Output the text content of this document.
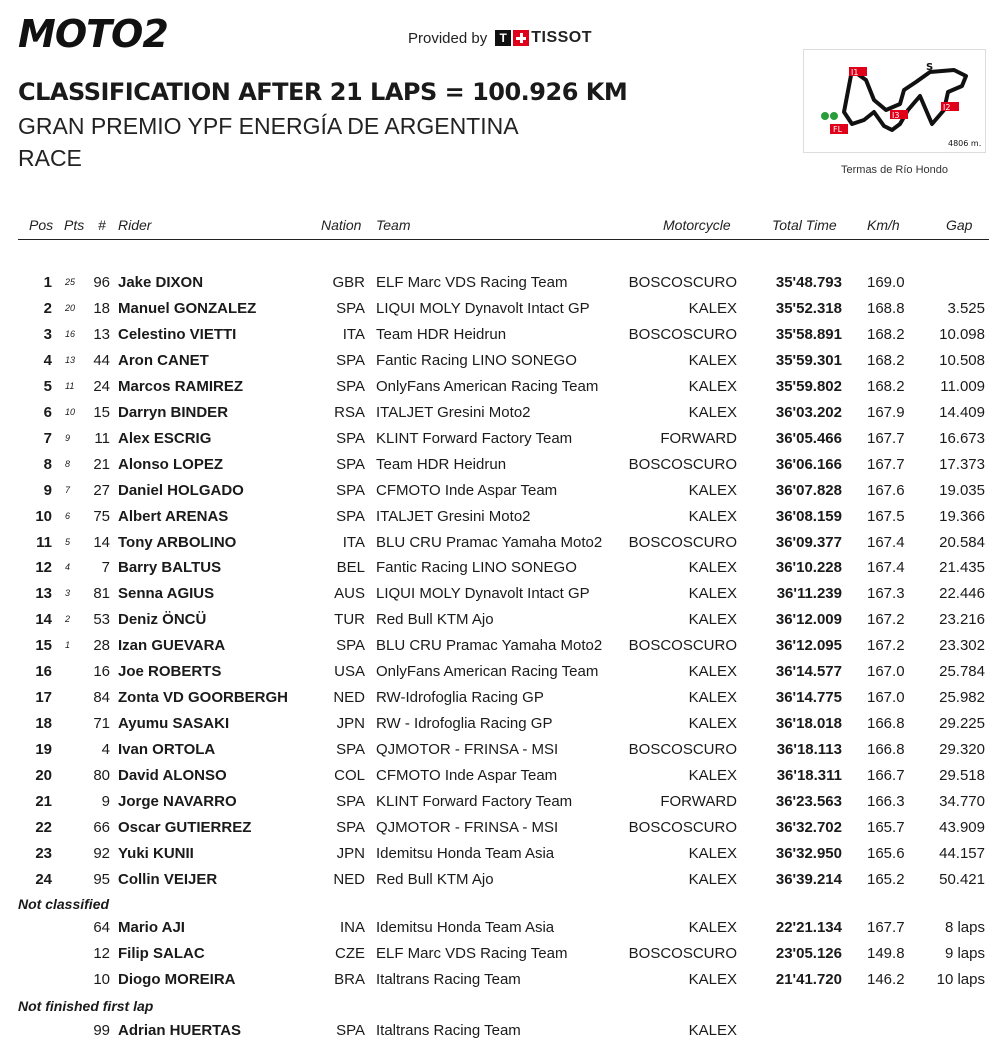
MOTO2	Provided by	T TISSOT
CLASSIFICATION AFTER 21 LAPS = 100.926 KM
GRAN PREMIO YPF ENERGÍA DE ARGENTINA
RACE
I1	S
I2
I3
FL
4806 m.
Termas de Río Hondo
Pos Pts # Rider	Nation Team	Motorcycle	Total Time Km/h	Gap
1 25 96 Jake DIXON	GBR ELF Marc VDS Racing Team	BOSCOSCURO	35'48.793 169.0
2 20 18 Manuel GONZALEZ	SPA LIQUI MOLY Dynavolt Intact GP	KALEX	35'52.318 168.8	3.525
3 16 13 Celestino VIETTI	ITA Team HDR Heidrun	BOSCOSCURO	35'58.891 168.2 10.098
4 13 44 Aron CANET	SPA Fantic Racing LINO SONEGO	KALEX	35'59.301 168.2 10.508
5 11 24 Marcos RAMIREZ	SPA OnlyFans American Racing Team	KALEX	35'59.802 168.2 11.009
6 10 15 Darryn BINDER	RSA ITALJET Gresini Moto2	KALEX	36'03.202 167.9 14.409
7 9 11 Alex ESCRIG	SPA KLINT Forward Factory Team	FORWARD	36'05.466 167.7 16.673
8 8 21 Alonso LOPEZ	SPA Team HDR Heidrun	BOSCOSCURO	36'06.166 167.7 17.373
9 7 27 Daniel HOLGADO	SPA CFMOTO Inde Aspar Team	KALEX	36'07.828 167.6 19.035
10 6 75 Albert ARENAS	SPA ITALJET Gresini Moto2	KALEX	36'08.159 167.5 19.366
11 5 14 Tony ARBOLINO	ITA BLU CRU Pramac Yamaha Moto2 BOSCOSCURO	36'09.377 167.4 20.584
12 4 7 Barry BALTUS	BEL Fantic Racing LINO SONEGO	KALEX	36'10.228 167.4 21.435
13 3 81 Senna AGIUS	AUS LIQUI MOLY Dynavolt Intact GP	KALEX	36'11.239 167.3 22.446
14 2 53 Deniz ÖNCÜ	TUR Red Bull KTM Ajo	KALEX	36'12.009 167.2 23.216
15 1 28 Izan GUEVARA	SPA BLU CRU Pramac Yamaha Moto2 BOSCOSCURO	36'12.095 167.2 23.302
16	16 Joe ROBERTS	USA OnlyFans American Racing Team	KALEX	36'14.577 167.0 25.784
17	84 Zonta VD GOORBERGH	NED RW-Idrofoglia Racing GP	KALEX	36'14.775 167.0 25.982
18	71 Ayumu SASAKI	JPN RW - Idrofoglia Racing GP	KALEX	36'18.018 166.8 29.225
19	4 Ivan ORTOLA	SPA QJMOTOR - FRINSA - MSI	BOSCOSCURO	36'18.113 166.8 29.320
20	80 David ALONSO	COL CFMOTO Inde Aspar Team	KALEX	36'18.311 166.7 29.518
21	9 Jorge NAVARRO	SPA KLINT Forward Factory Team	FORWARD	36'23.563 166.3 34.770
22	66 Oscar GUTIERREZ	SPA QJMOTOR - FRINSA - MSI	BOSCOSCURO	36'32.702 165.7 43.909
23	92 Yuki KUNII	JPN Idemitsu Honda Team Asia	KALEX	36'32.950 165.6 44.157
24	95 Collin VEIJER	NED Red Bull KTM Ajo	KALEX	36'39.214 165.2 50.421
Not classified
64 Mario AJI	INA Idemitsu Honda Team Asia	KALEX	22'21.134 167.7	8 laps
12 Filip SALAC	CZE ELF Marc VDS Racing Team	BOSCOSCURO	23'05.126 149.8	9 laps
10 Diogo MOREIRA	BRA Italtrans Racing Team	KALEX	21'41.720 146.2 10 laps
Not finished first lap
99 Adrian HUERTAS	SPA Italtrans Racing Team	KALEX
